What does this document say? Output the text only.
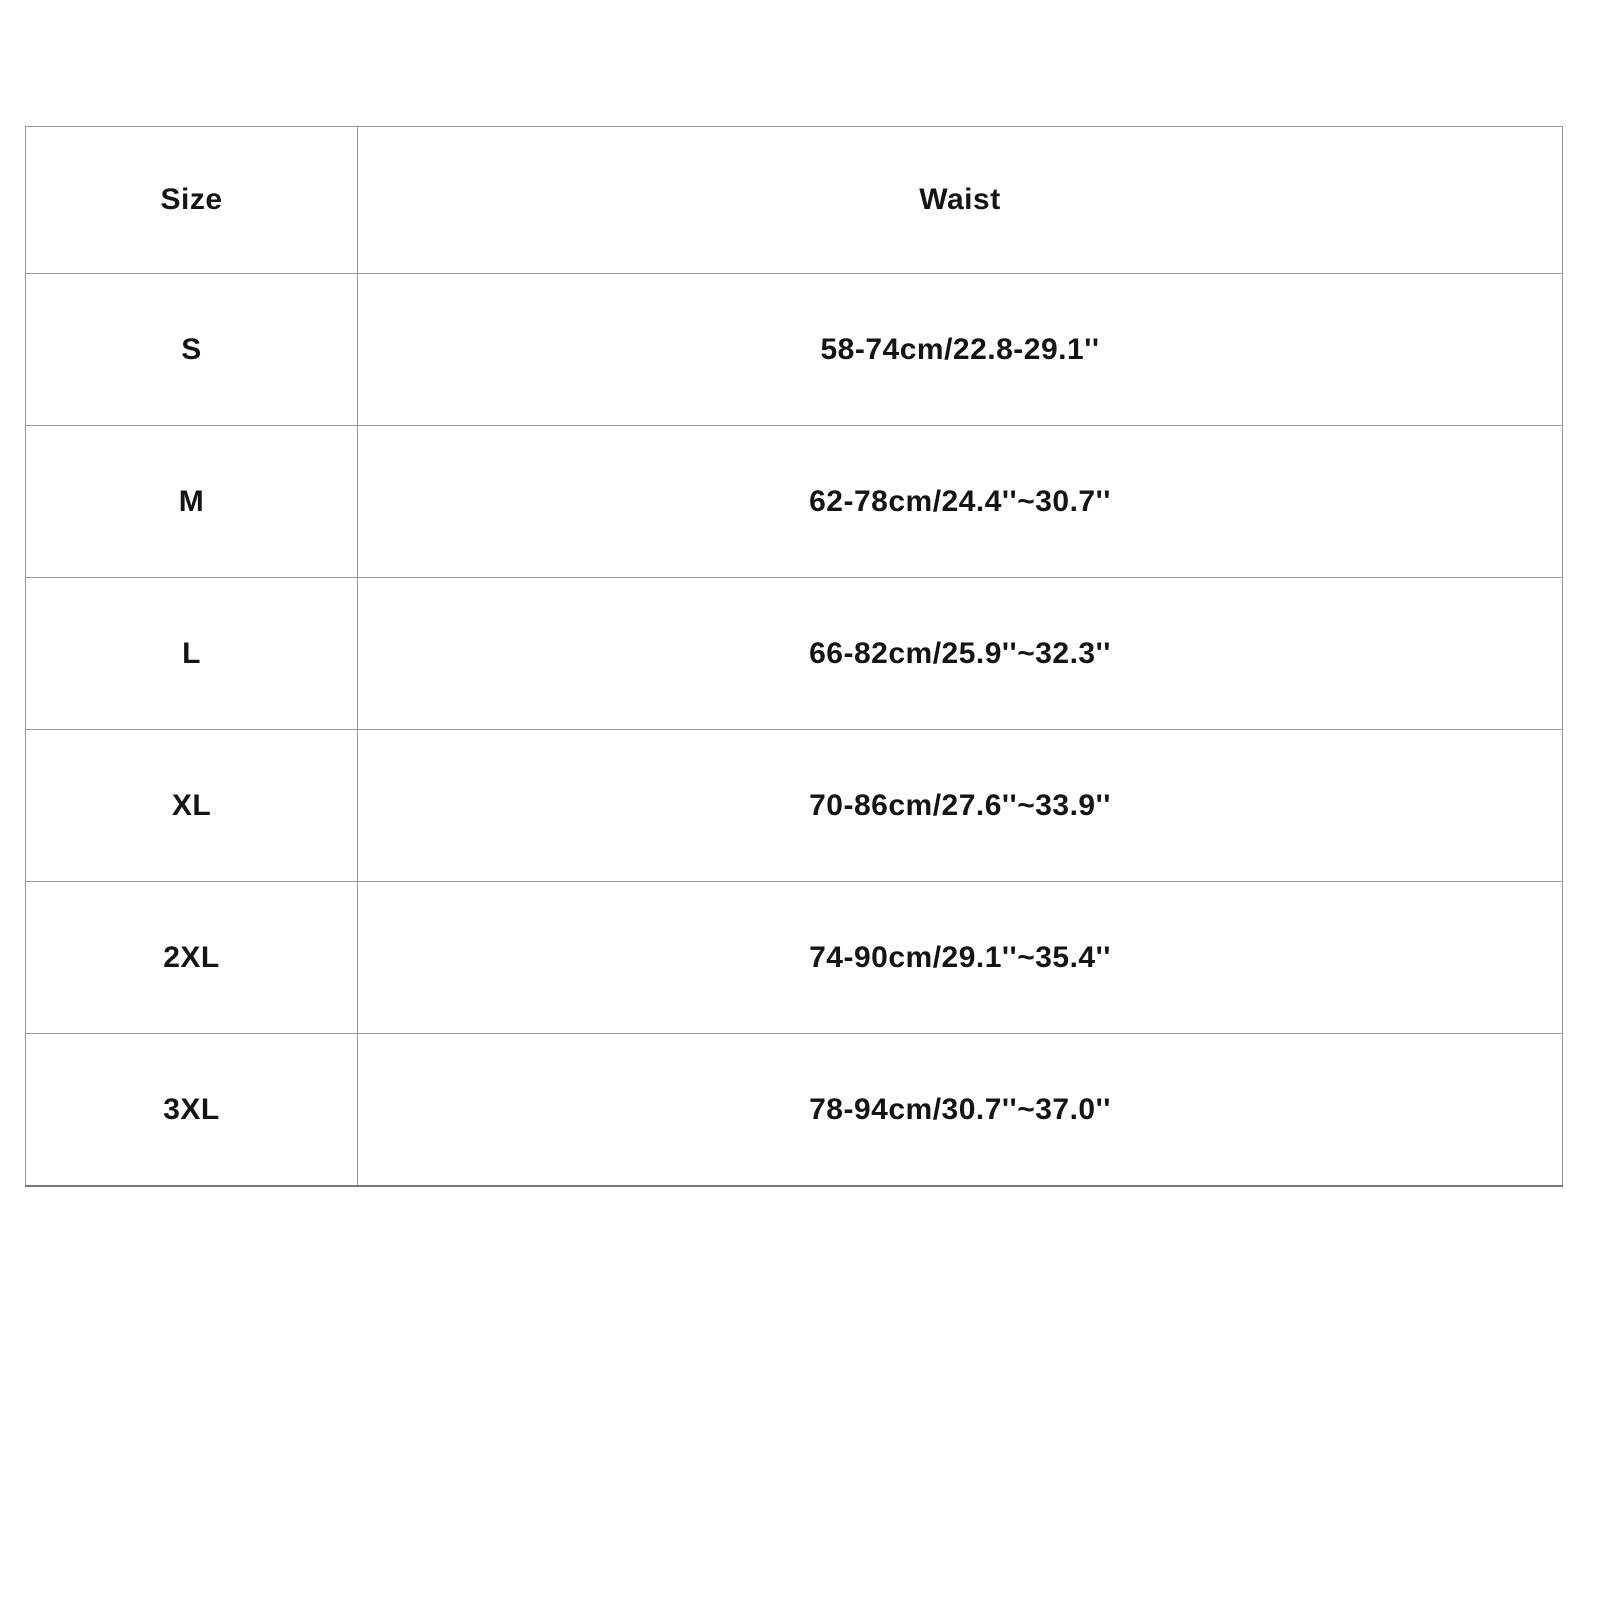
Size	Waist
S	58-74cm/22.8-29.1''
M	62-78cm/24.4''~30.7''
L	66-82cm/25.9''~32.3''
XL	70-86cm/27.6''~33.9''
2XL	74-90cm/29.1''~35.4''
3XL	78-94cm/30.7''~37.0''
